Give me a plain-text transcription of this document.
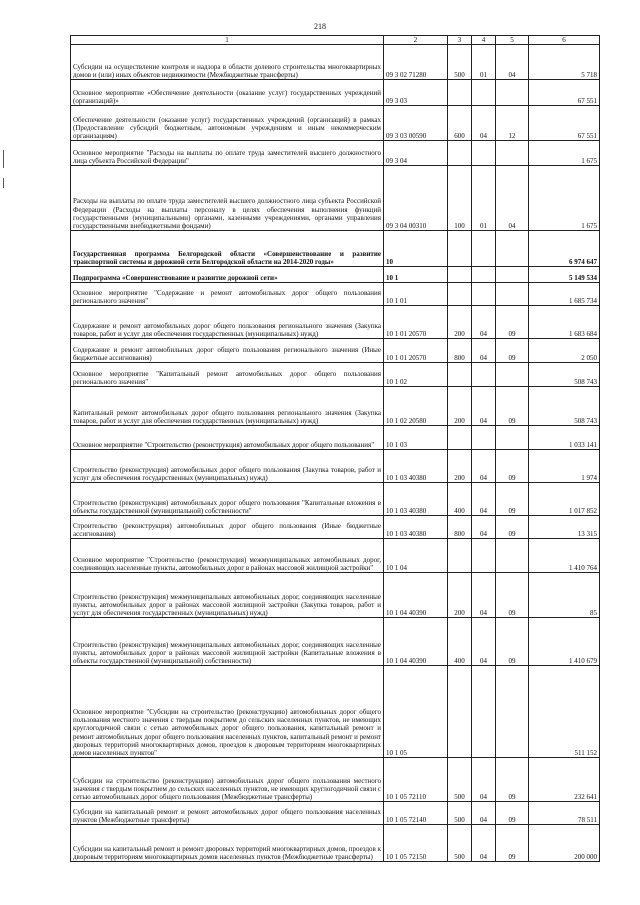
218
1	2	3	4	5	6
Субсидии на осуществление контроля и надзора в области долевого строительства многоквартирных домов и (или) иных объектов недвижимости (Межбюджетные трансферты)	09 3 02 71280	500	01	04	5 718
Основное мероприятие «Обеспечение деятельности (оказание услуг) государственных учреждений (организаций)»	09 3 03				67 551
Обеспечение деятельности (оказание услуг) государственных учреждений (организаций) в рамках (Предоставление субсидий бюджетным, автономным учреждениям и иным некоммерческим организациям)	09 3 03 00590	600	04	12	67 551
Основное мероприятие "Расходы на выплаты по оплате труда заместителей высшего должностного лица субъекта Российской Федерации"	09 3 04				1 675
Расходы на выплаты по оплате труда заместителей высшего должностного лица субъекта Российской Федерации (Расходы на выплаты персоналу в целях обеспечения выполнения функций государственными (муниципальными) органами, казенными учреждениями, органами управления государственными внебюджетными фондами)	09 3 04 00310	100	01	04	1 675
Государственная программа Белгородской области «Совершенствование и развитие транспортной системы и дорожной сети Белгородской области на 2014-2020 годы»	10				6 974 647
Подпрограмма «Совершенствование и развитие дорожной сети»	10 1				5 149 534
Основное мероприятие "Содержание и ремонт автомобильных дорог общего пользования регионального значения"	10 1 01				1 685 734
Содержание и ремонт автомобильных дорог общего пользования регионального значения (Закупка товаров, работ и услуг для обеспечения государственных (муниципальных) нужд)	10 1 01 20570	200	04	09	1 683 684
Содержание и ремонт автомобильных дорог общего пользования регионального значения (Иные бюджетные ассигнования)	10 1 01 20570	800	04	09	2 050
Основное мероприятие "Капитальный ремонт автомобильных дорог общего пользования регионального значения"	10 1 02				508 743
Капитальный ремонт автомобильных дорог общего пользования регионального значения (Закупка товаров, работ и услуг для обеспечения государственных (муниципальных) нужд)	10 1 02 20580	200	04	09	508 743
Основное мероприятие "Строительство (реконструкция) автомобильных дорог общего пользования"	10 1 03				1 033 141
Строительство (реконструкция) автомобильных дорог общего пользования (Закупка товаров, работ и услуг для обеспечения государственных (муниципальных) нужд)	10 1 03 40380	200	04	09	1 974
Строительство (реконструкция) автомобильных дорог общего пользования "Капитальные вложения в объекты государственной (муниципальной) собственности"	10 1 03 40380	400	04	09	1 017 852
Строительство (реконструкция) автомобильных дорог общего пользования (Иные бюджетные ассигнования)	10 1 03 40380	800	04	09	13 315
Основное мероприятие "Строительство (реконструкция) межмуниципальных автомобильных дорог, соединяющих населенные пункты, автомобильных дорог в районах массовой жилищной застройки"	10 1 04				1 410 764
Строительство (реконструкция) межмуниципальных автомобильных дорог, соединяющих населенные пункты, автомобильных дорог в районах массовой жилищной застройки (Закупка товаров, работ и услуг для обеспечения государственных (муниципальных) нужд)	10 1 04 40390	200	04	09	85
Строительство (реконструкция) межмуниципальных автомобильных дорог, соединяющих населенные пункты, автомобильных дорог в районах массовой жилищной застройки (Капитальные вложения в объекты государственной (муниципальной) собственности)	10 1 04 40390	400	04	09	1 410 679
Основное мероприятие "Субсидии на строительство (реконструкцию) автомобильных дорог общего пользования местного значения с твердым покрытием до сельских населенных пунктов, не имеющих круглогодичной связи с сетью автомобильных дорог общего пользования, капитальный ремонт и ремонт автомобильных дорог общего пользования населенных пунктов, капитальный ремонт и ремонт дворовых территорий многоквартирных домов, проездов к дворовым территориям многоквартирных домов населенных пунктов"	10 1 05				511 152
Субсидии на строительство (реконструкцию) автомобильных дорог общего пользования местного значения с твердым покрытием до сельских населенных пунктов, не имеющих круглогодичной связи с сетью автомобильных дорог общего пользования (Межбюджетные трансферты)	10 1 05 72110	500	04	09	232 641
Субсидии на капитальный ремонт и ремонт автомобильных дорог общего пользования населенных пунктов (Межбюджетные трансферты)	10 1 05 72140	500	04	09	78 511
Субсидии на капитальный ремонт и ремонт дворовых территорий многоквартирных домов, проездов к дворовым территориям многоквартирных домов населенных пунктов (Межбюджетные трансферты)	10 1 05 72150	500	04	09	200 000
